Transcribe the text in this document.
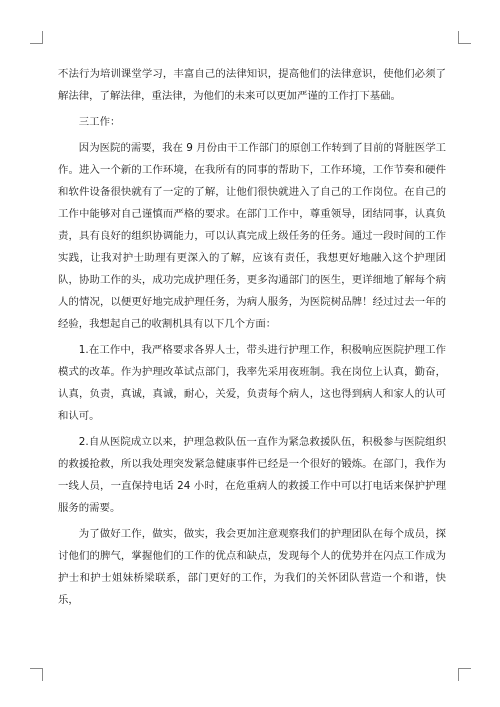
不法行为培训课堂学习，丰富自己的法律知识，提高他们的法律意识，使他们必须了解法律，了解法律，重法律，为他们的未来可以更加严谨的工作打下基础。

三工作：

因为医院的需要，我在 9 月份由干工作部门的原创工作转到了目前的肾脏医学工作。进入一个新的工作环境，在我所有的同事的帮助下，工作环境，工作节奏和硬件和软件设备很快就有了一定的了解，让他们很快就进入了自己的工作岗位。在自己的工作中能够对自己谨慎而严格的要求。在部门工作中，尊重领导，团结同事，认真负责，具有良好的组织协调能力，可以认真完成上级任务的任务。通过一段时间的工作实践，让我对护士助理有更深入的了解，应该有责任，我想更好地融入这个护理团队，协助工作的头，成功完成护理任务，更多沟通部门的医生，更详细地了解每个病人的情况，以便更好地完成护理任务，为病人服务，为医院树品牌！经过过去一年的经验，我想起自己的收割机具有以下几个方面：

1.在工作中，我严格要求各界人士，带头进行护理工作，积极响应医院护理工作模式的改革。作为护理改革试点部门，我率先采用夜班制。我在岗位上认真，勤奋，认真，负责，真诚，真诚，耐心，关爱，负责每个病人，这也得到病人和家人的认可和认可。

2.自从医院成立以来，护理急救队伍一直作为紧急救援队伍，积极参与医院组织的救援抢救，所以我处理突发紧急健康事件已经是一个很好的锻炼。在部门，我作为一线人员，一直保持电话 24 小时，在危重病人的救援工作中可以打电话来保护护理服务的需要。

为了做好工作，做实，做实，我会更加注意观察我们的护理团队在每个成员，探讨他们的脾气，掌握他们的工作的优点和缺点，发现每个人的优势并在闪点工作成为护士和护士姐妹桥梁联系，部门更好的工作，为我们的关怀团队营造一个和谐，快乐，
